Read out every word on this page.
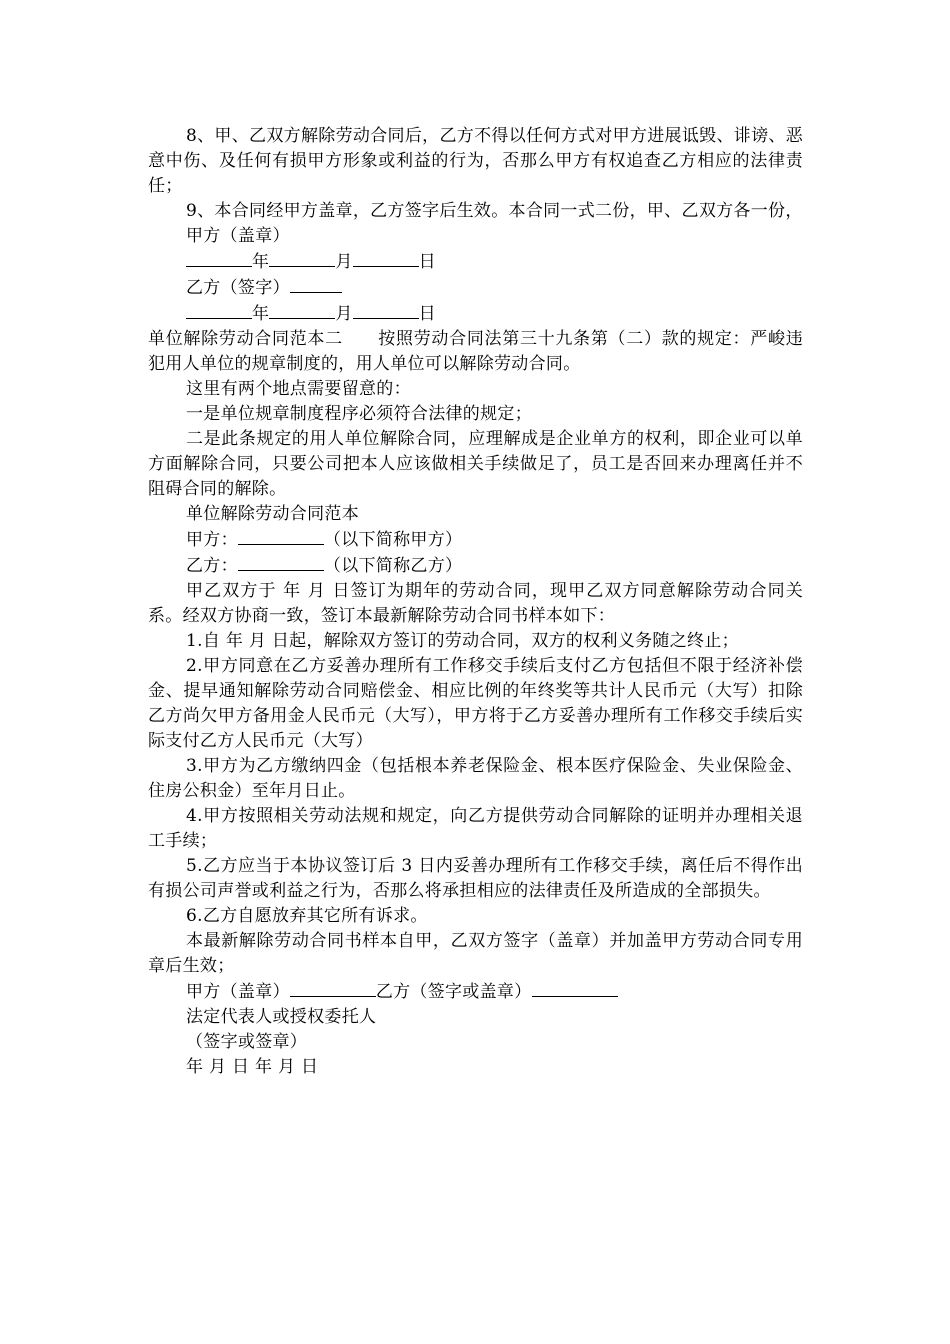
8、甲、乙双方解除劳动合同后，乙方不得以任何方式对甲方进展诋毁、诽谤、恶意中伤、及任何有损甲方形象或利益的行为，否那么甲方有权追查乙方相应的法律责任；

9、本合同经甲方盖章，乙方签字后生效。本合同一式二份，甲、乙双方各一份，

甲方（盖章）

年	月	日

乙方（签字）

年	月	日

单位解除劳动合同范本二　　按照劳动合同法第三十九条第（二）款的规定：严峻违犯用人单位的规章制度的，用人单位可以解除劳动合同。

这里有两个地点需要留意的：

一是单位规章制度程序必须符合法律的规定；

二是此条规定的用人单位解除合同，应理解成是企业单方的权利，即企业可以单方面解除合同，只要公司把本人应该做相关手续做足了，员工是否回来办理离任并不阻碍合同的解除。

单位解除劳动合同范本

甲方：	（以下简称甲方）

乙方：	（以下简称乙方）

甲乙双方于 年 月 日签订为期年的劳动合同，现甲乙双方同意解除劳动合同关系。经双方协商一致，签订本最新解除劳动合同书样本如下：

1.自 年 月 日起，解除双方签订的劳动合同，双方的权利义务随之终止；

2.甲方同意在乙方妥善办理所有工作移交手续后支付乙方包括但不限于经济补偿金、提早通知解除劳动合同赔偿金、相应比例的年终奖等共计人民币元（大写）扣除乙方尚欠甲方备用金人民币元（大写），甲方将于乙方妥善办理所有工作移交手续后实际支付乙方人民币元（大写）

3.甲方为乙方缴纳四金（包括根本养老保险金、根本医疗保险金、失业保险金、住房公积金）至年月日止。

4.甲方按照相关劳动法规和规定，向乙方提供劳动合同解除的证明并办理相关退工手续；

5.乙方应当于本协议签订后 3 日内妥善办理所有工作移交手续，离任后不得作出有损公司声誉或利益之行为，否那么将承担相应的法律责任及所造成的全部损失。

6.乙方自愿放弃其它所有诉求。

本最新解除劳动合同书样本自甲，乙双方签字（盖章）并加盖甲方劳动合同专用章后生效；

甲方（盖章）	乙方（签字或盖章）

法定代表人或授权委托人

（签字或签章）

年 月 日 年 月 日
